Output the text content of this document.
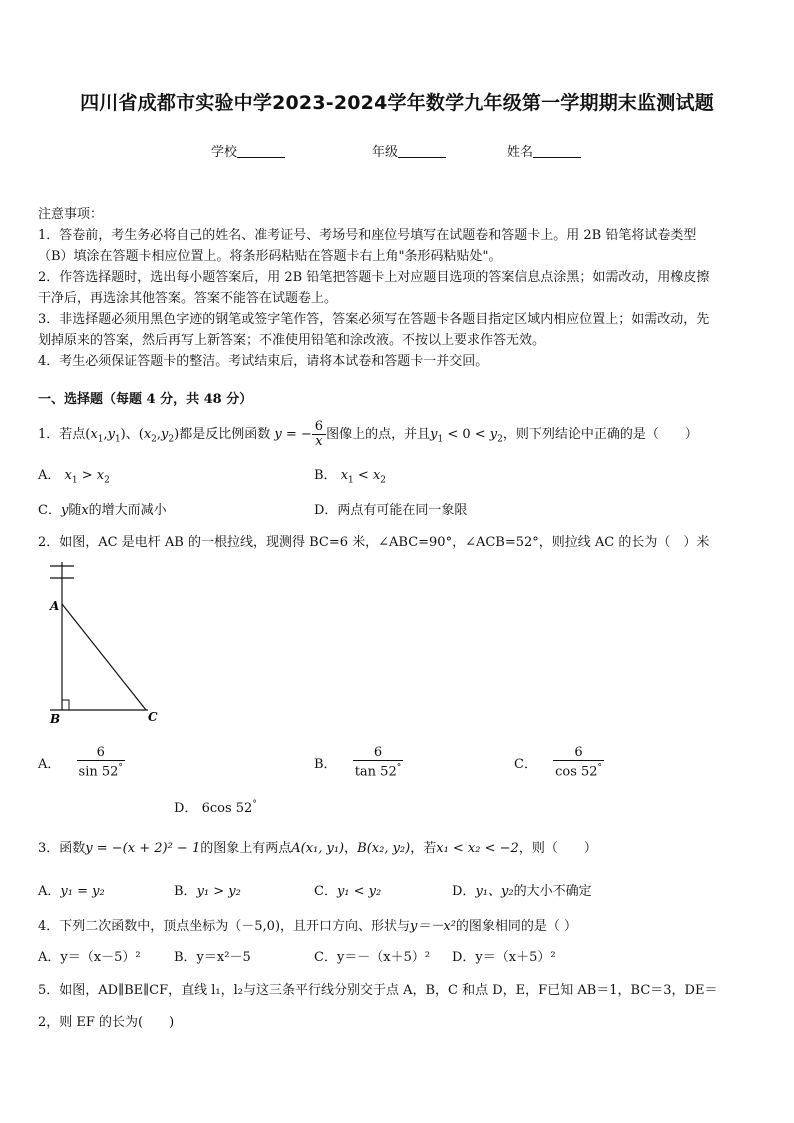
四川省成都市实验中学2023-2024学年数学九年级第一学期期末监测试题
学校	年级	姓名
注意事项：
1．答卷前，考生务必将自己的姓名、准考证号、考场号和座位号填写在试题卷和答题卡上。用 2B 铅笔将试卷类型
（B）填涂在答题卡相应位置上。将条形码粘贴在答题卡右上角"条形码粘贴处"。
2．作答选择题时，选出每小题答案后，用 2B 铅笔把答题卡上对应题目选项的答案信息点涂黑；如需改动，用橡皮擦
干净后，再选涂其他答案。答案不能答在试题卷上。
3．非选择题必须用黑色字迹的钢笔或签字笔作答，答案必须写在答题卡各题目指定区域内相应位置上；如需改动，先
划掉原来的答案，然后再写上新答案；不准使用铅笔和涂改液。不按以上要求作答无效。
4．考生必须保证答题卡的整洁。考试结束后，请将本试卷和答题卡一并交回。
一、选择题（每题 4 分，共 48 分）
1．若点$(x_1,y_1)$、$(x_2,y_2)$都是反比例函数 y = − $\frac{6}{x}$ 图像上的点，并且$y_1 < 0 < y_2$，则下列结论中正确的是（　　）
A． $x_1 > x_2$	B． $x_1 < x_2$
C．y随x的增大而减小	D．两点有可能在同一象限
2．如图，AC 是电杆 AB 的一根拉线，现测得 BC=6 米，∠ABC=90°，∠ACB=52°，则拉线 AC 的长为（　）米
A
B	C
A． $\frac{6}{\sin 52^\circ}$	B． $\frac{6}{\tan 52^\circ}$	C． $\frac{6}{\cos 52^\circ}$
D． 6cos 52°
3．函数y = −(x + 2)² − 1的图象上有两点A(x₁, y₁)，B(x₂, y₂)，若x₁ < x₂ < −2，则（　　）
A．y₁ = y₂	B．y₁ > y₂	C．y₁ < y₂	D．y₁、y₂的大小不确定
4．下列二次函数中，顶点坐标为（－5,0)，且开口方向、形状与y＝－x²的图象相同的是（ ）
A．y＝（x－5）²	B．y＝x²－5	C．y＝－（x＋5）² D．y＝（x＋5）²
5．如图，AD∥BE∥CF，直线 l₁，l₂与这三条平行线分别交于点 A，B，C 和点 D，E，F已知 AB＝1，BC＝3，DE＝
2，则 EF 的长为(　　)
